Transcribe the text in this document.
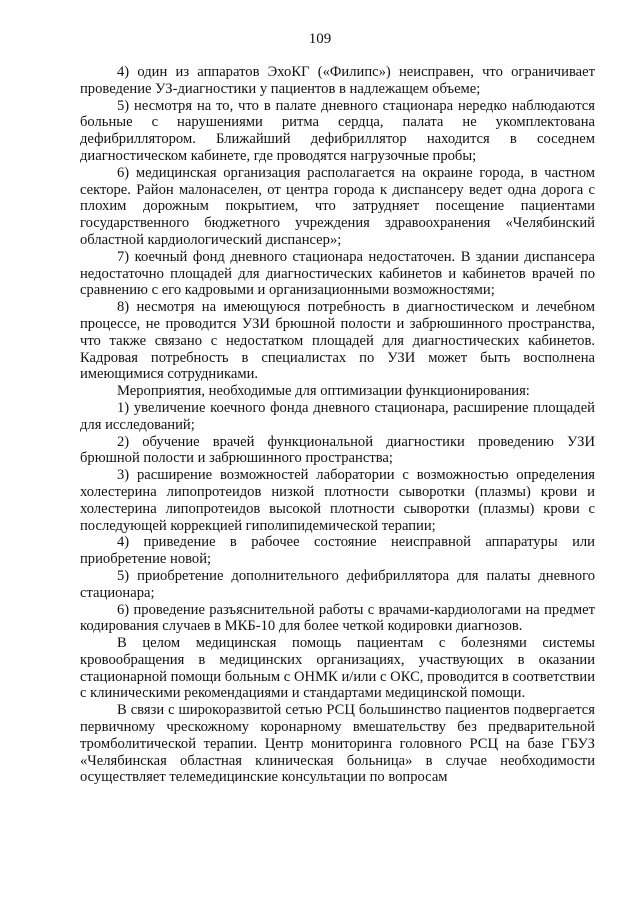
109

4) один из аппаратов ЭхоКГ («Филипс») неисправен, что ограничивает проведение УЗ-диагностики у пациентов в надлежащем объеме;

5) несмотря на то, что в палате дневного стационара нередко наблюдаются больные с нарушениями ритма сердца, палата не укомплектована дефибриллятором. Ближайший дефибриллятор находится в соседнем диагностическом кабинете, где проводятся нагрузочные пробы;

6) медицинская организация располагается на окраине города, в частном секторе. Район малонаселен, от центра города к диспансеру ведет одна дорога с плохим дорожным покрытием, что затрудняет посещение пациентами государственного бюджетного учреждения здравоохранения «Челябинский областной кардиологический диспансер»;

7) коечный фонд дневного стационара недостаточен. В здании диспансера недостаточно площадей для диагностических кабинетов и кабинетов врачей по сравнению с его кадровыми и организационными возможностями;

8) несмотря на имеющуюся потребность в диагностическом и лечебном процессе, не проводится УЗИ брюшной полости и забрюшинного пространства, что также связано с недостатком площадей для диагностических кабинетов. Кадровая потребность в специалистах по УЗИ может быть восполнена имеющимися сотрудниками.

Мероприятия, необходимые для оптимизации функционирования:

1) увеличение коечного фонда дневного стационара, расширение площадей для исследований;

2) обучение врачей функциональной диагностики проведению УЗИ брюшной полости и забрюшинного пространства;

3) расширение возможностей лаборатории с возможностью определения холестерина липопротеидов низкой плотности сыворотки (плазмы) крови и холестерина липопротеидов высокой плотности сыворотки (плазмы) крови с последующей коррекцией гиполипидемической терапии;

4) приведение в рабочее состояние неисправной аппаратуры или приобретение новой;

5) приобретение дополнительного дефибриллятора для палаты дневного стационара;

6) проведение разъяснительной работы с врачами-кардиологами на предмет кодирования случаев в МКБ-10 для более четкой кодировки диагнозов.

В целом медицинская помощь пациентам с болезнями системы кровообращения в медицинских организациях, участвующих в оказании стационарной помощи больным с ОНМК и/или с ОКС, проводится в соответствии с клиническими рекомендациями и стандартами медицинской помощи.

В связи с широкоразвитой сетью РСЦ большинство пациентов подвергается первичному чрескожному коронарному вмешательству без предварительной тромболитической терапии. Центр мониторинга головного РСЦ на базе ГБУЗ «Челябинская областная клиническая больница» в случае необходимости осуществляет телемедицинские консультации по вопросам
